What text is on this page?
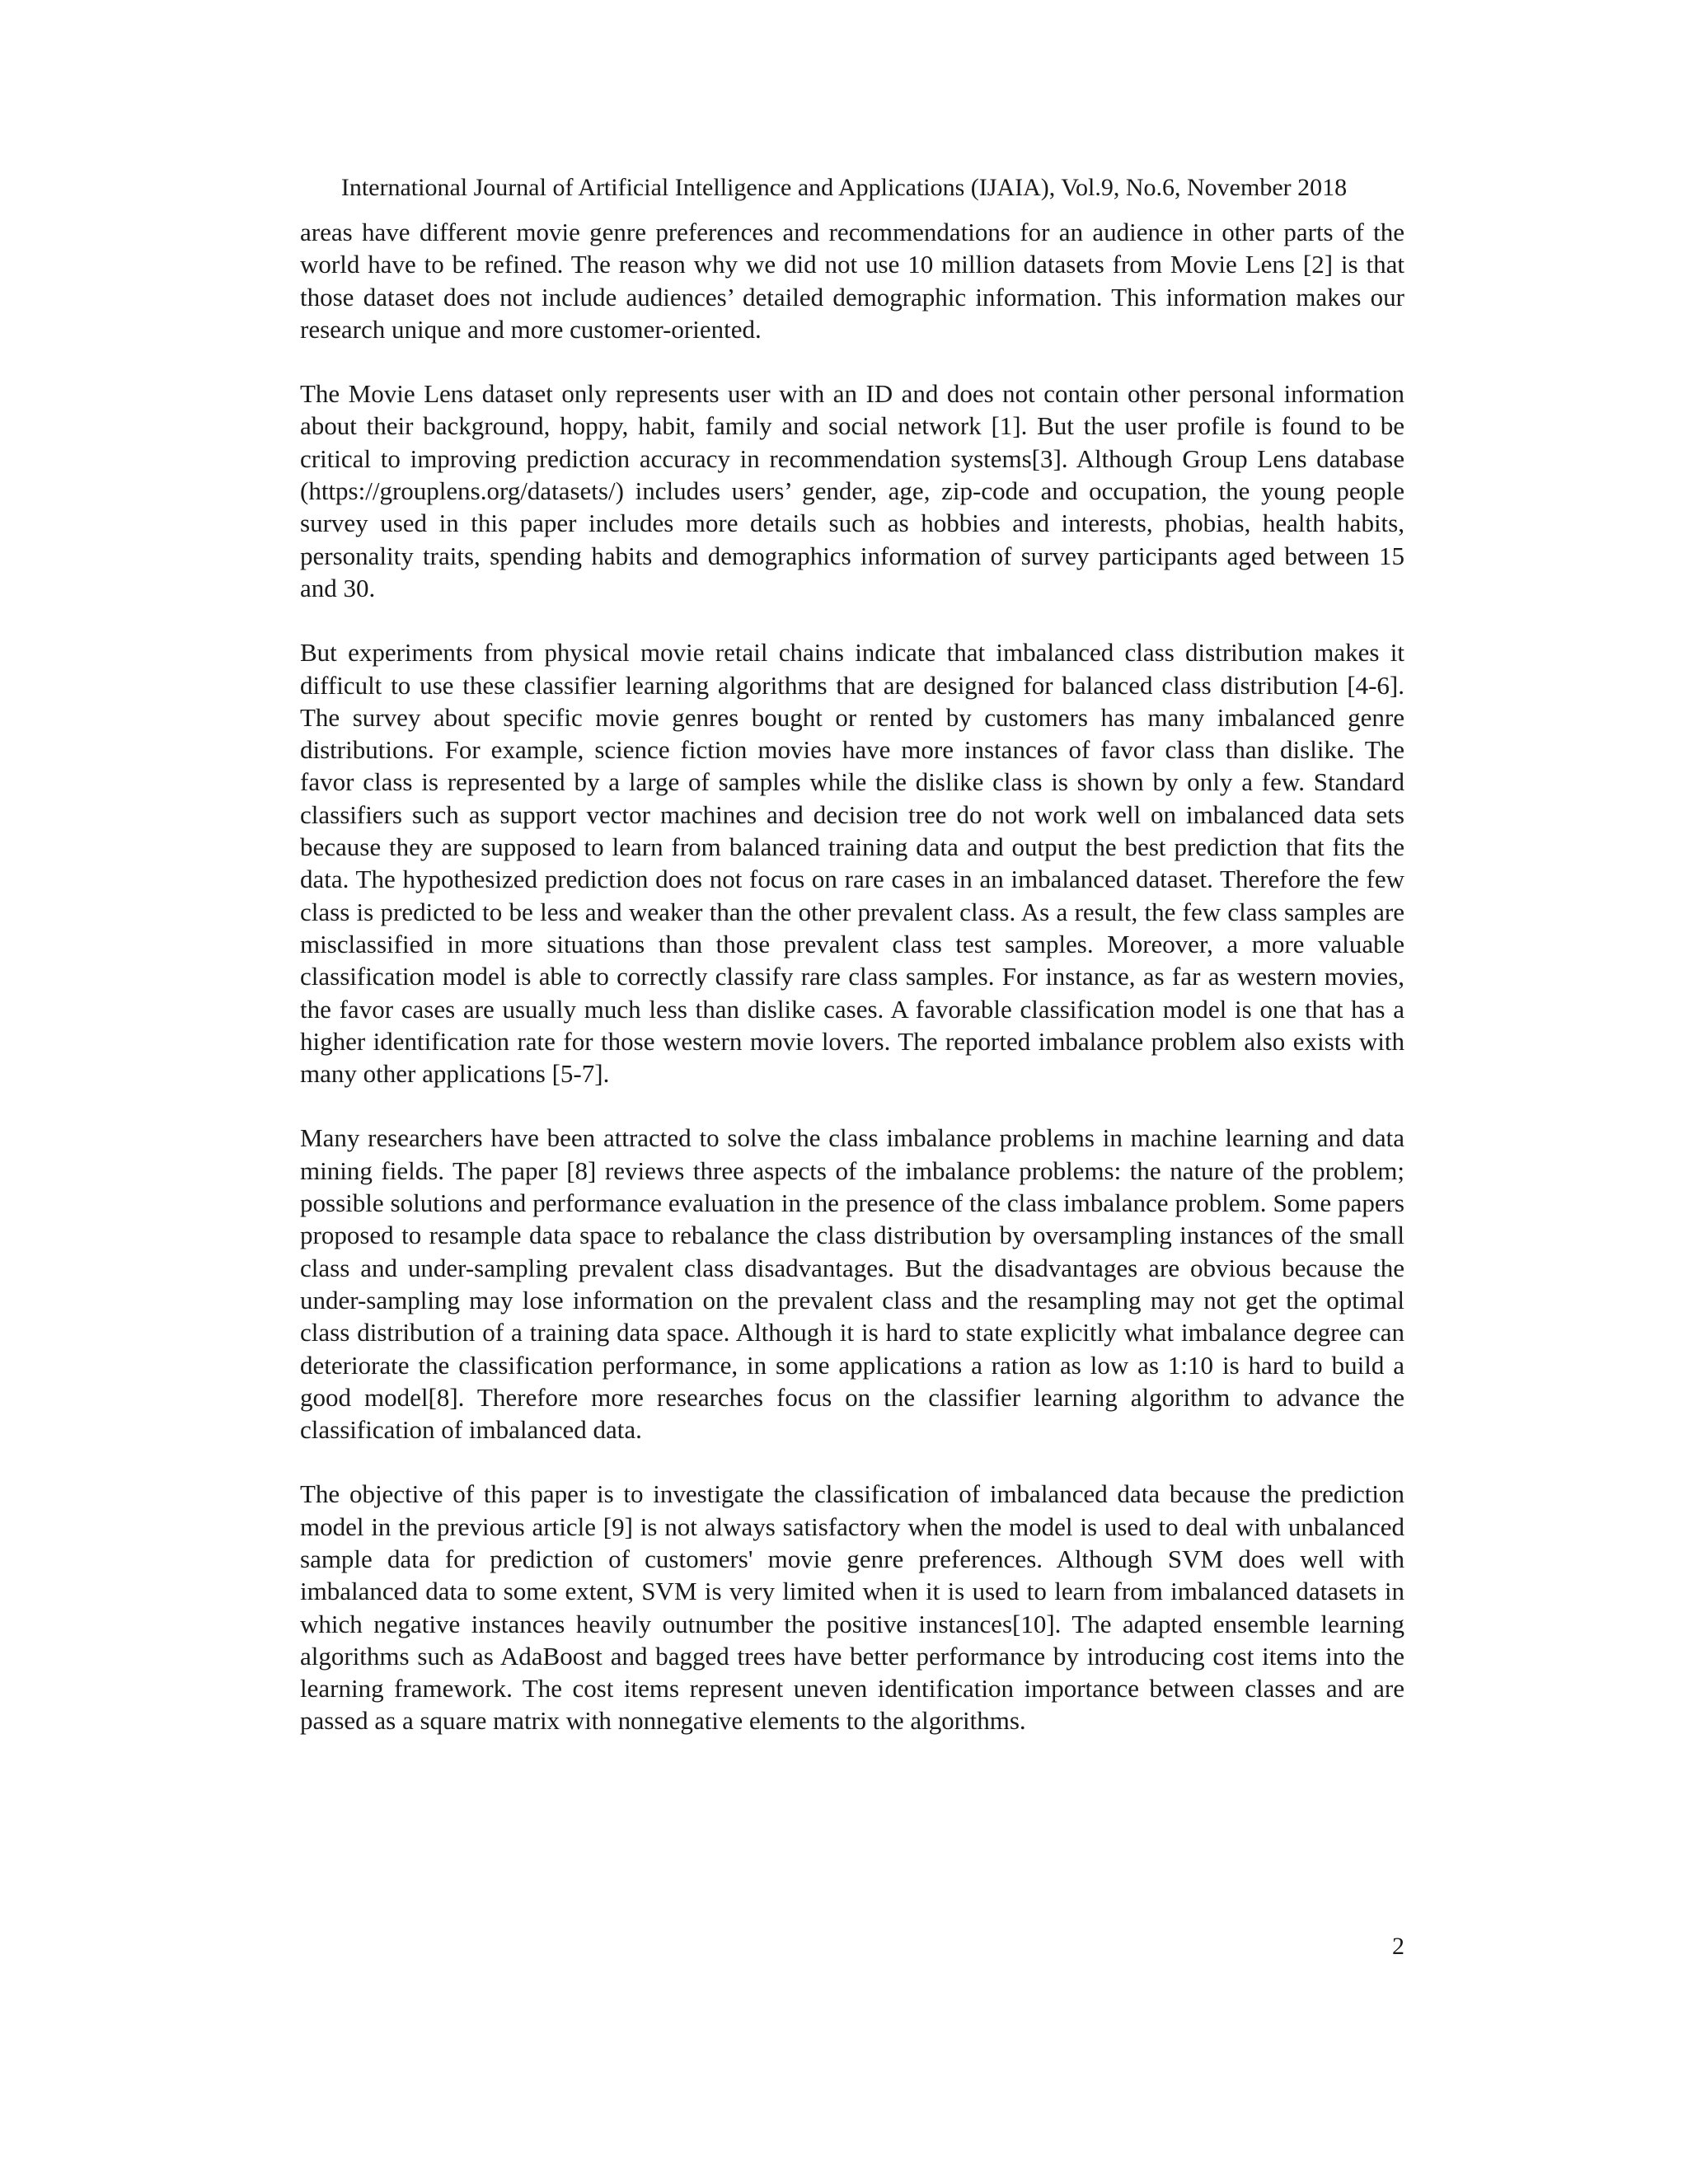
International Journal of Artificial Intelligence and Applications (IJAIA), Vol.9, No.6, November 2018

areas have different movie genre preferences and recommendations for an audience in other parts of the world have to be refined. The reason why we did not use 10 million datasets from Movie Lens [2] is that those dataset does not include audiences’ detailed demographic information. This information makes our research unique and more customer-oriented.

The Movie Lens dataset only represents user with an ID and does not contain other personal information about their background, hoppy, habit, family and social network [1]. But the user profile is found to be critical to improving prediction accuracy in recommendation systems[3]. Although Group Lens database (https://grouplens.org/datasets/) includes users’ gender, age, zip-code and occupation, the young people survey used in this paper includes more details such as hobbies and interests, phobias, health habits, personality traits, spending habits and demographics information of survey participants aged between 15 and 30.

But experiments from physical movie retail chains indicate that imbalanced class distribution makes it difficult to use these classifier learning algorithms that are designed for balanced class distribution [4-6]. The survey about specific movie genres bought or rented by customers has many imbalanced genre distributions. For example, science fiction movies have more instances of favor class than dislike. The favor class is represented by a large of samples while the dislike class is shown by only a few. Standard classifiers such as support vector machines and decision tree do not work well on imbalanced data sets because they are supposed to learn from balanced training data and output the best prediction that fits the data. The hypothesized prediction does not focus on rare cases in an imbalanced dataset. Therefore the few class is predicted to be less and weaker than the other prevalent class. As a result, the few class samples are misclassified in more situations than those prevalent class test samples. Moreover, a more valuable classification model is able to correctly classify rare class samples. For instance, as far as western movies, the favor cases are usually much less than dislike cases. A favorable classification model is one that has a higher identification rate for those western movie lovers. The reported imbalance problem also exists with many other applications [5-7].

Many researchers have been attracted to solve the class imbalance problems in machine learning and data mining fields. The paper [8] reviews three aspects of the imbalance problems: the nature of the problem; possible solutions and performance evaluation in the presence of the class imbalance problem. Some papers proposed to resample data space to rebalance the class distribution by oversampling instances of the small class and under-sampling prevalent class disadvantages. But the disadvantages are obvious because the under-sampling may lose information on the prevalent class and the resampling may not get the optimal class distribution of a training data space. Although it is hard to state explicitly what imbalance degree can deteriorate the classification performance, in some applications a ration as low as 1:10 is hard to build a good model[8]. Therefore more researches focus on the classifier learning algorithm to advance the classification of imbalanced data.

The objective of this paper is to investigate the classification of imbalanced data because the prediction model in the previous article [9] is not always satisfactory when the model is used to deal with unbalanced sample data for prediction of customers' movie genre preferences. Although SVM does well with imbalanced data to some extent, SVM is very limited when it is used to learn from imbalanced datasets in which negative instances heavily outnumber the positive instances[10]. The adapted ensemble learning algorithms such as AdaBoost and bagged trees have better performance by introducing cost items into the learning framework. The cost items represent uneven identification importance between classes and are passed as a square matrix with nonnegative elements to the algorithms.

2
